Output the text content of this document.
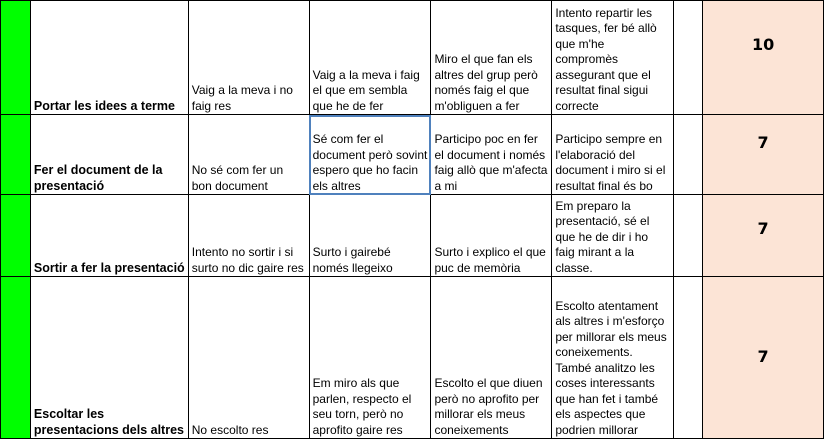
	Portar les idees a terme	Vaig a la meva i no faig res	Vaig a la meva i faig el que em sembla que he de fer	Miro el que fan els altres del grup però només faig el que m'obliguen a fer	Intento repartir les tasques, fer bé allò que m'he compromès assegurant que el resultat final sigui correcte		10
	Fer el document de la presentació	No sé com fer un bon document	Sé com fer el document però sovint espero que ho facin els altres	Participo poc en fer el document i només faig allò que m'afecta a mi	Participo sempre en l'elaboració del document i miro si el resultat final és bo		7
	Sortir a fer la presentació	Intento no sortir i si surto no dic gaire res	Surto i gairebé només llegeixo	Surto i explico el que puc de memòria	Em preparo la presentació, sé el que he de dir i ho faig mirant a la classe.		7
	Escoltar les presentacions dels altres	No escolto res	Em miro als que parlen, respecto el seu torn, però no aprofito gaire res	Escolto el que diuen però no aprofito per millorar els meus coneixements	Escolto atentament als altres i m'esforço per millorar els meus coneixements. També analitzo les coses interessants que han fet i també els aspectes que podrien millorar		7
